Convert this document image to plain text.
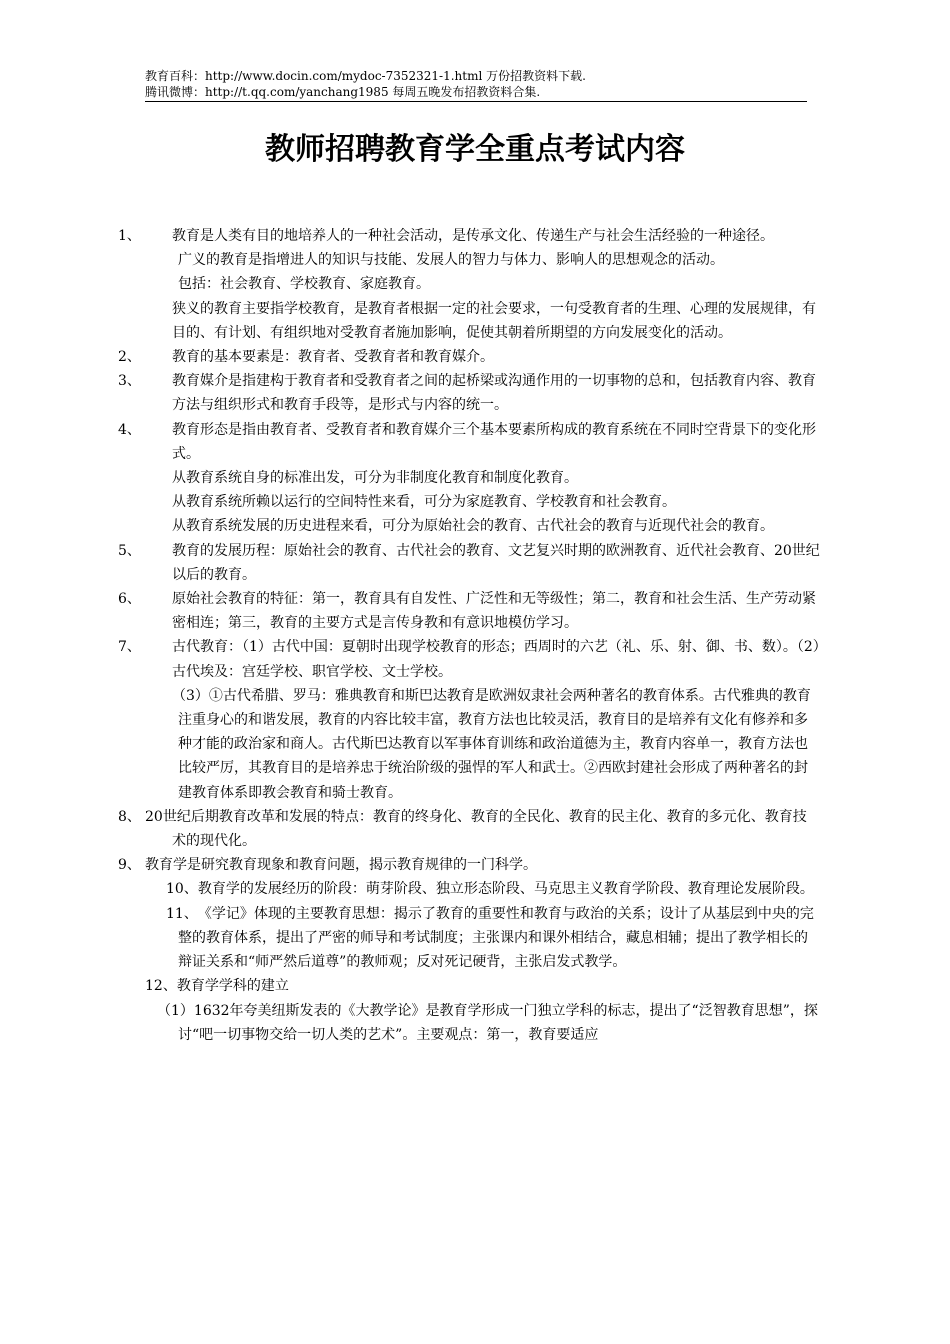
教育百科：http://www.docin.com/mydoc-7352321-1.html 万份招教资料下载.
腾讯微博：http://t.qq.com/yanchang1985 每周五晚发布招教资料合集.
教师招聘教育学全重点考试内容

1、 教育是人类有目的地培养人的一种社会活动，是传承文化、传递生产与社会生活经验的一种途径。

广义的教育是指增进人的知识与技能、发展人的智力与体力、影响人的思想观念的活动。

包括：社会教育、学校教育、家庭教育。

狭义的教育主要指学校教育，是教育者根据一定的社会要求，一句受教育者的生理、心理的发展规律，有目的、有计划、有组织地对受教育者施加影响，促使其朝着所期望的方向发展变化的活动。

2、 教育的基本要素是：教育者、受教育者和教育媒介。

3、 教育媒介是指建构于教育者和受教育者之间的起桥梁或沟通作用的一切事物的总和，包括教育内容、教育方法与组织形式和教育手段等，是形式与内容的统一。

4、 教育形态是指由教育者、受教育者和教育媒介三个基本要素所构成的教育系统在不同时空背景下的变化形式。

从教育系统自身的标准出发，可分为非制度化教育和制度化教育。

从教育系统所赖以运行的空间特性来看，可分为家庭教育、学校教育和社会教育。

从教育系统发展的历史进程来看，可分为原始社会的教育、古代社会的教育与近现代社会的教育。

5、 教育的发展历程：原始社会的教育、古代社会的教育、文艺复兴时期的欧洲教育、近代社会教育、20世纪以后的教育。

6、 原始社会教育的特征：第一，教育具有自发性、广泛性和无等级性；第二，教育和社会生活、生产劳动紧密相连；第三，教育的主要方式是言传身教和有意识地模仿学习。

7、 古代教育：（1）古代中国：夏朝时出现学校教育的形态；西周时的六艺（礼、乐、射、御、书、数）。（2）古代埃及：宫廷学校、职官学校、文士学校。

（3）①古代希腊、罗马：雅典教育和斯巴达教育是欧洲奴隶社会两种著名的教育体系。古代雅典的教育注重身心的和谐发展，教育的内容比较丰富，教育方法也比较灵活，教育目的是培养有文化有修养和多种才能的政治家和商人。古代斯巴达教育以军事体育训练和政治道德为主，教育内容单一，教育方法也比较严厉，其教育目的是培养忠于统治阶级的强悍的军人和武士。②西欧封建社会形成了两种著名的封建教育体系即教会教育和骑士教育。

8、 20世纪后期教育改革和发展的特点：教育的终身化、教育的全民化、教育的民主化、教育的多元化、教育技术的现代化。

9、 教育学是研究教育现象和教育问题，揭示教育规律的一门科学。

10、教育学的发展经历的阶段：萌芽阶段、独立形态阶段、马克思主义教育学阶段、教育理论发展阶段。

11、《学记》体现的主要教育思想：揭示了教育的重要性和教育与政治的关系；设计了从基层到中央的完整的教育体系，提出了严密的师导和考试制度；主张课内和课外相结合，藏息相辅；提出了教学相长的辩证关系和“师严然后道尊”的教师观；反对死记硬背，主张启发式教学。

12、教育学学科的建立

（1）1632年夸美纽斯发表的《大教学论》是教育学形成一门独立学科的标志，提出了“泛智教育思想”，探讨“吧一切事物交给一切人类的艺术”。主要观点：第一，教育要适应
